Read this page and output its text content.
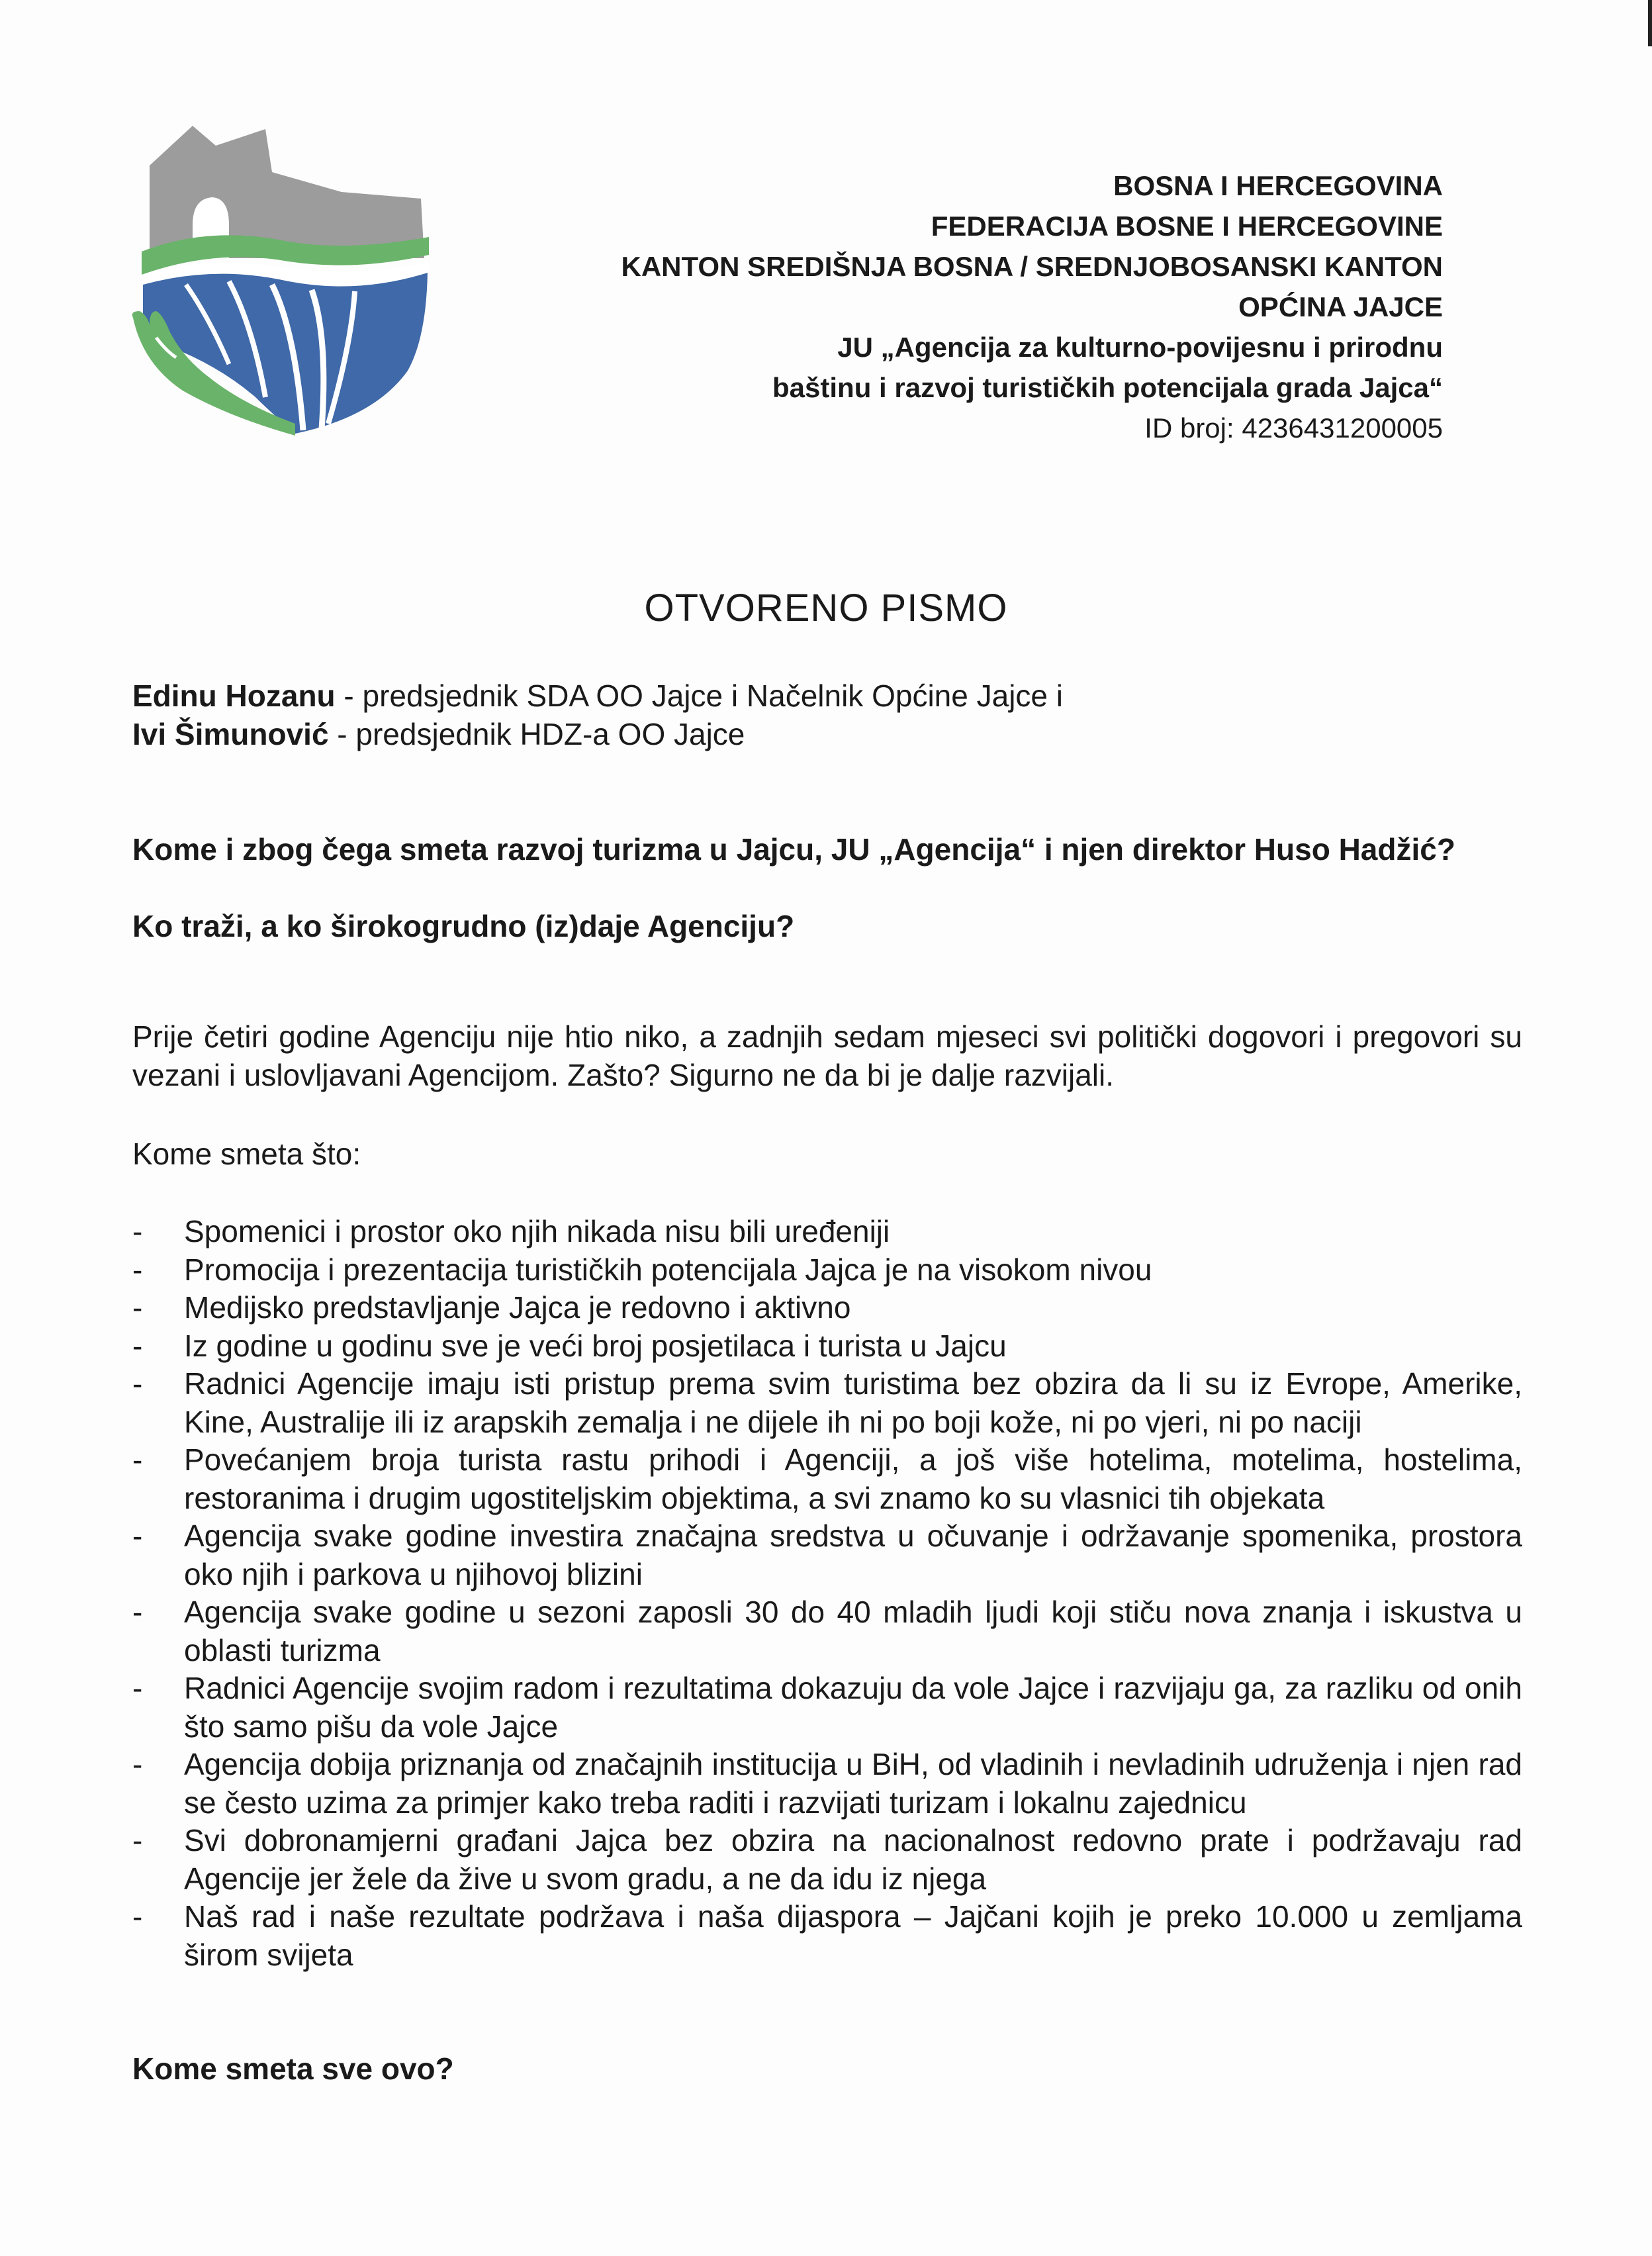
BOSNA I HERCEGOVINA
FEDERACIJA BOSNE I HERCEGOVINE
KANTON SREDIŠNJA BOSNA / SREDNJOBOSANSKI KANTON
OPĆINA JAJCE
JU „Agencija za kulturno-povijesnu i prirodnu
baštinu i razvoj turističkih potencijala grada Jajca“
ID broj: 4236431200005
OTVORENO PISMO
Edinu Hozanu - predsjednik SDA OO Jajce i Načelnik Općine Jajce i
Ivi Šimunović - predsjednik HDZ-a OO Jajce
Kome i zbog čega smeta razvoj turizma u Jajcu, JU „Agencija“ i njen direktor Huso Hadžić?
Ko traži, a ko širokogrudno (iz)daje Agenciju?
Prije četiri godine Agenciju nije htio niko, a zadnjih sedam mjeseci svi politički dogovori i pregovori su vezani i uslovljavani Agencijom. Zašto? Sigurno ne da bi je dalje razvijali.
Kome smeta što:
- Spomenici i prostor oko njih nikada nisu bili uređeniji
- Promocija i prezentacija turističkih potencijala Jajca je na visokom nivou
- Medijsko predstavljanje Jajca je redovno i aktivno
- Iz godine u godinu sve je veći broj posjetilaca i turista u Jajcu
- Radnici Agencije imaju isti pristup prema svim turistima bez obzira da li su iz Evrope, Amerike, Kine, Australije ili iz arapskih zemalja i ne dijele ih ni po boji kože, ni po vjeri, ni po naciji
- Povećanjem broja turista rastu prihodi i Agenciji, a još više hotelima, motelima, hostelima, restoranima i drugim ugostiteljskim objektima, a svi znamo ko su vlasnici tih objekata
- Agencija svake godine investira značajna sredstva u očuvanje i održavanje spomenika, prostora oko njih i parkova u njihovoj blizini
- Agencija svake godine u sezoni zaposli 30 do 40 mladih ljudi koji stiču nova znanja i iskustva u oblasti turizma
- Radnici Agencije svojim radom i rezultatima dokazuju da vole Jajce i razvijaju ga, za razliku od onih što samo pišu da vole Jajce
- Agencija dobija priznanja od značajnih institucija u BiH, od vladinih i nevladinih udruženja i njen rad se često uzima za primjer kako treba raditi i razvijati turizam i lokalnu zajednicu
- Svi dobronamjerni građani Jajca bez obzira na nacionalnost redovno prate i podržavaju rad Agencije jer žele da žive u svom gradu, a ne da idu iz njega
- Naš rad i naše rezultate podržava i naša dijaspora – Jajčani kojih je preko 10.000 u zemljama širom svijeta
Kome smeta sve ovo?
